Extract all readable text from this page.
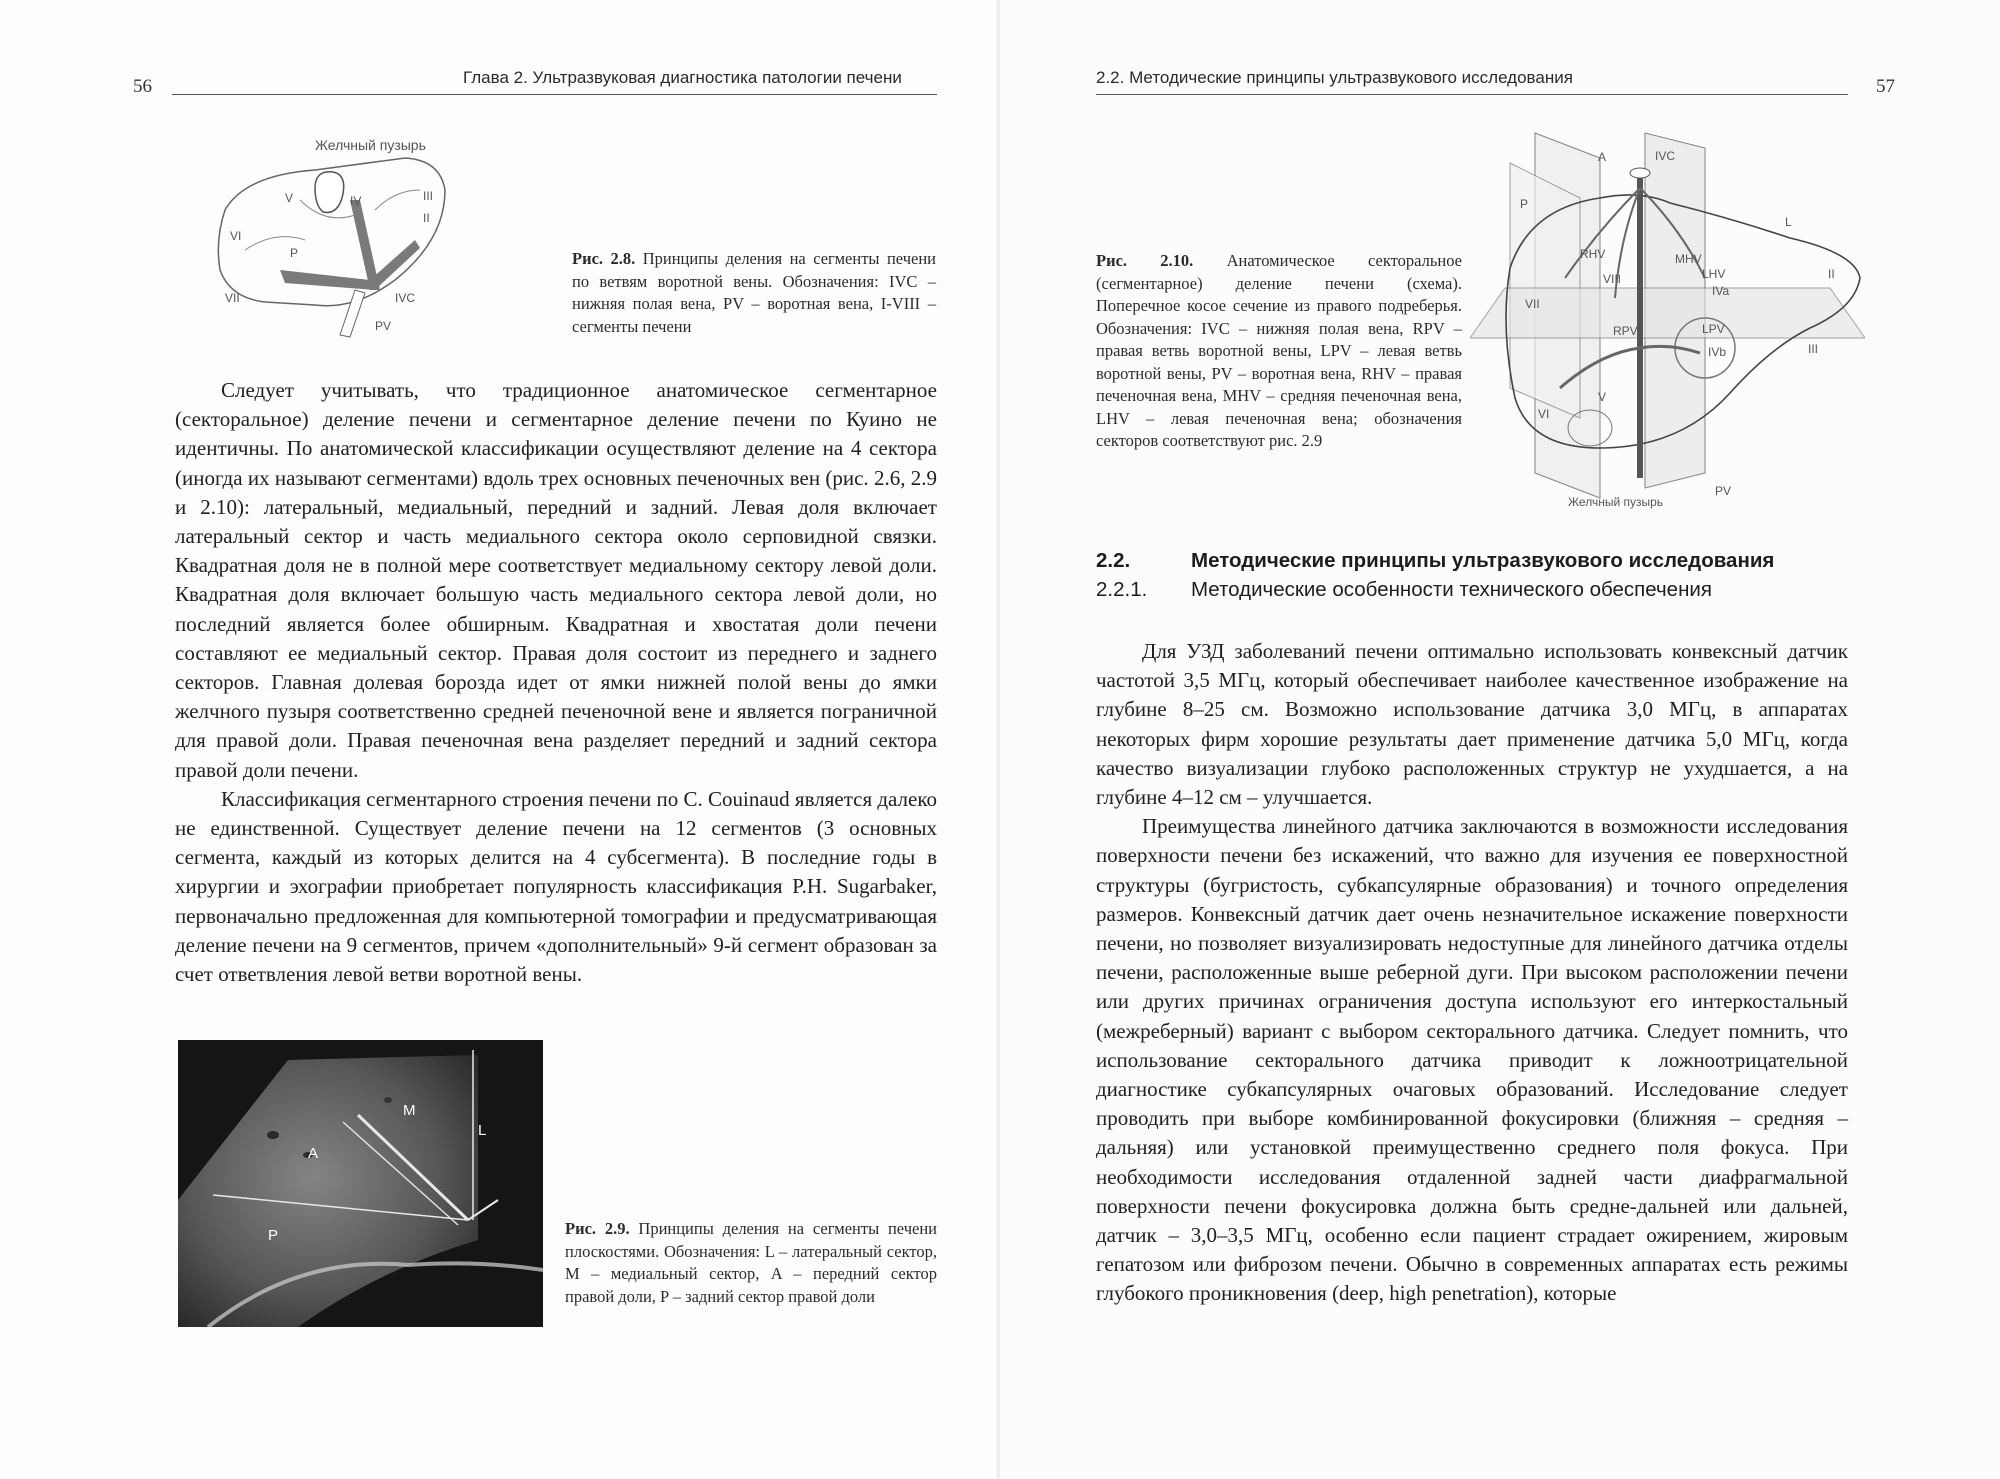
56	Глава 2. Ультразвуковая диагностика патологии печени
Желчный пузырь
V	IV	III
II
VI
P
VII	IVC
PV
Рис. 2.8. Принципы деления на сегменты печени по ветвям воротной вены. Обозначения: IVC – нижняя полая вена, PV – воротная вена, I-VIII – сегменты печени

Следует учитывать, что традиционное анатомическое сегментарное (секторальное) деление печени и сегментарное деление печени по Куино не идентичны. По анатомической классификации осуществляют деление на 4 сектора (иногда их называют сегментами) вдоль трех основных печеночных вен (рис. 2.6, 2.9 и 2.10): латеральный, медиальный, передний и задний. Левая доля включает латеральный сектор и часть медиального сектора около серповидной связки. Квадратная доля не в полной мере соответствует медиальному сектору левой доли. Квадратная доля включает большую часть медиального сектора левой доли, но последний является более обширным. Квадратная и хвостатая доли печени составляют ее медиальный сектор. Правая доля состоит из переднего и заднего секторов. Главная долевая борозда идет от ямки нижней полой вены до ямки желчного пузыря соответственно средней печеночной вене и является пограничной для правой доли. Правая печеночная вена разделяет передний и задний сектора правой доли печени.

Классификация сегментарного строения печени по C. Couinaud является далеко не единственной. Существует деление печени на 12 сегментов (3 основных сегмента, каждый из которых делится на 4 субсегмента). В последние годы в хирургии и эхографии приобретает популярность классификация P.H. Sugarbaker, первоначально предложенная для компьютерной томографии и предусматривающая деление печени на 9 сегментов, причем «дополнительный» 9-й сегмент образован за счет ответвления левой ветви воротной вены.

M
L
A
P	Рис. 2.9. Принципы деления на сегменты печени плоскостями. Обозначения: L – латеральный сектор, M – медиальный сектор, A – передний сектор правой доли, P – задний сектор правой доли
2.2. Методические принципы ультразвукового исследования	57
Рис. 2.10. Анатомическое секторальное (сегментарное) деление печени (схема). Поперечное косое сечение из правого подреберья. Обозначения: IVC – нижняя полая вена, RPV – правая ветвь воротной вены, LPV – левая ветвь воротной вены, PV – воротная вена, RHV – правая печеночная вена, MHV – средняя печеночная вена, LHV – левая печеночная вена; обозначения секторов соответствуют рис. 2.9
A	IVC
P
L
RHV	MHV
LHV
VIII
IVa
II
VII
RPV	LPV
IVb	III
VI
V
PV
Желчный пузырь
2.2.	Методические принципы ультразвукового исследования
2.2.1.	Методические особенности технического обеспечения

Для УЗД заболеваний печени оптимально использовать конвексный датчик частотой 3,5 МГц, который обеспечивает наиболее качественное изображение на глубине 8–25 см. Возможно использование датчика 3,0 МГц, в аппаратах некоторых фирм хорошие результаты дает применение датчика 5,0 МГц, когда качество визуализации глубоко расположенных структур не ухудшается, а на глубине 4–12 см – улучшается.

Преимущества линейного датчика заключаются в возможности исследования поверхности печени без искажений, что важно для изучения ее поверхностной структуры (бугристость, субкапсулярные образования) и точного определения размеров. Конвексный датчик дает очень незначительное искажение поверхности печени, но позволяет визуализировать недоступные для линейного датчика отделы печени, расположенные выше реберной дуги. При высоком расположении печени или других причинах ограничения доступа используют его интеркостальный (межреберный) вариант с выбором секторального датчика. Следует помнить, что использование секторального датчика приводит к ложноотрицательной диагностике субкапсулярных очаговых образований. Исследование следует проводить при выборе комбинированной фокусировки (ближняя – средняя – дальняя) или установкой преимущественно среднего поля фокуса. При необходимости исследования отдаленной задней части диафрагмальной поверхности печени фокусировка должна быть средне-дальней или дальней, датчик – 3,0–3,5 МГц, особенно если пациент страдает ожирением, жировым гепатозом или фиброзом печени. Обычно в современных аппаратах есть режимы глубокого проникновения (deep, high penetration), которые
